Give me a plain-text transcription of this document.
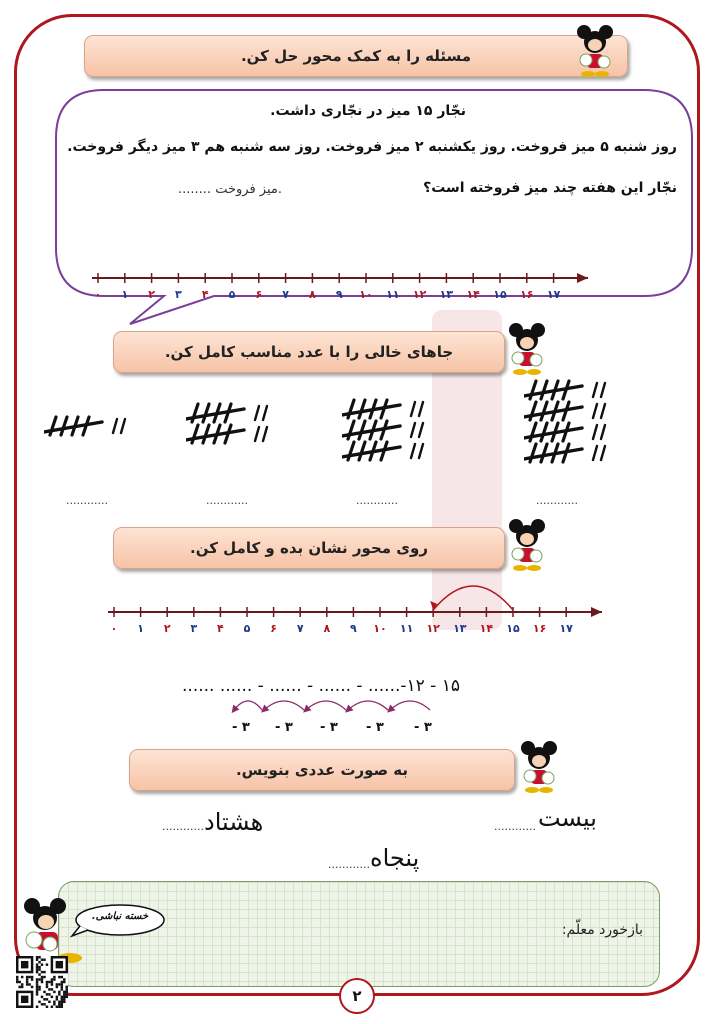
مسئله را به کمک محور حل کن.
نجّار ۱۵ میز در نجّاری داشت.
روز شنبه ۵ میز فروخت. روز یکشنبه ۲ میز فروخت. روز سه شنبه هم ۳ میز دیگر فروخت.
نجّار این هفته چند میز فروخته است؟
........ میز فروخت.
۰ ۱ ۲ ۳ ۴ ۵ ۶ ۷ ۸ ۹ ۱۰ ۱۱ ۱۲ ۱۳ ۱۴ ۱۵ ۱۶ ۱۷
جاهای خالی را با عدد مناسب کامل کن.
............	............	............	............
روی محور نشان بده و کامل کن.
۰ ۱ ۲ ۳ ۴ ۵ ۶ ۷ ۸ ۹ ۱۰ ۱۱ ۱۲ ۱۳ ۱۴ ۱۵ ۱۶ ۱۷
۱۵ - ۱۲-...... - ...... - ...... - ...... ......
۳ -
۳ -
۳ -
۳ -
۳ -
به صورت عددی بنویس.
بیست
............
هشتاد
............
پنجاه
............
بازخورد معلّم:
خسته نباشی.
۲
